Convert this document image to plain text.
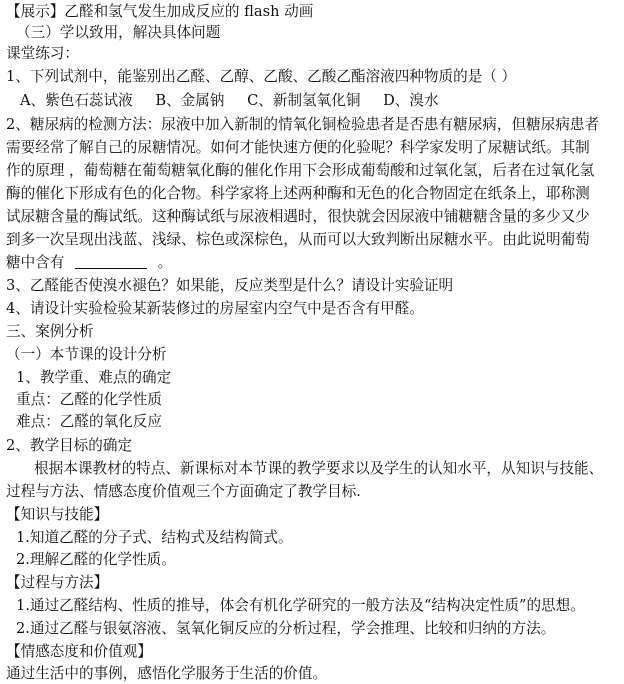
【展示】乙醛和氢气发生加成反应的 flash 动画
（三）学以致用，解决具体问题
课堂练习：
1、下列试剂中，能鉴别出乙醛、乙醇、乙酸、乙酸乙酯溶液四种物质的是（ ）
A、紫色石蕊试液 B、金属钠 C、新制氢氧化铜 D、溴水
2、糖尿病的检测方法：尿液中加入新制的情氧化铜检验患者是否患有糖尿病，但糖尿病患者
需要经常了解自己的尿糖情况。如何才能快速方便的化验呢？科学家发明了尿糖试纸。其制
作的原理 ，葡萄糖在葡萄糖氧化酶的催化作用下会形成葡萄酸和过氧化氢，后者在过氧化氢
酶的催化下形成有色的化合物。科学家将上述两种酶和无色的化合物固定在纸条上，耶称测
试尿糖含量的酶试纸。这种酶试纸与尿液相遇时，很快就会因尿液中铺糖糖含量的多少又少
到多一次呈现出浅蓝、浅绿、棕色或深棕色，从而可以大致判断出尿糖水平。由此说明葡萄
糖中含有	。
3、乙醛能否使溴水褪色？如果能，反应类型是什么？请设计实验证明
4、请设计实验检验某新装修过的房屋室内空气中是否含有甲醛。
三、案例分析
（一）本节课的设计分析
1、教学重、难点的确定
重点：乙醛的化学性质
难点：乙醛的氧化反应
2、教学目标的确定
根据本课教材的特点、新课标对本节课的教学要求以及学生的认知水平，从知识与技能、
过程与方法、情感态度价值观三个方面确定了教学目标.
【知识与技能】
1.知道乙醛的分子式、结构式及结构简式。
2.理解乙醛的化学性质。
【过程与方法】
1.通过乙醛结构、性质的推导，体会有机化学研究的一般方法及“结构决定性质”的思想。
2.通过乙醛与银氨溶液、氢氧化铜反应的分析过程，学会推理、比较和归纳的方法。
【情感态度和价值观】
通过生活中的事例，感悟化学服务于生活的价值。
